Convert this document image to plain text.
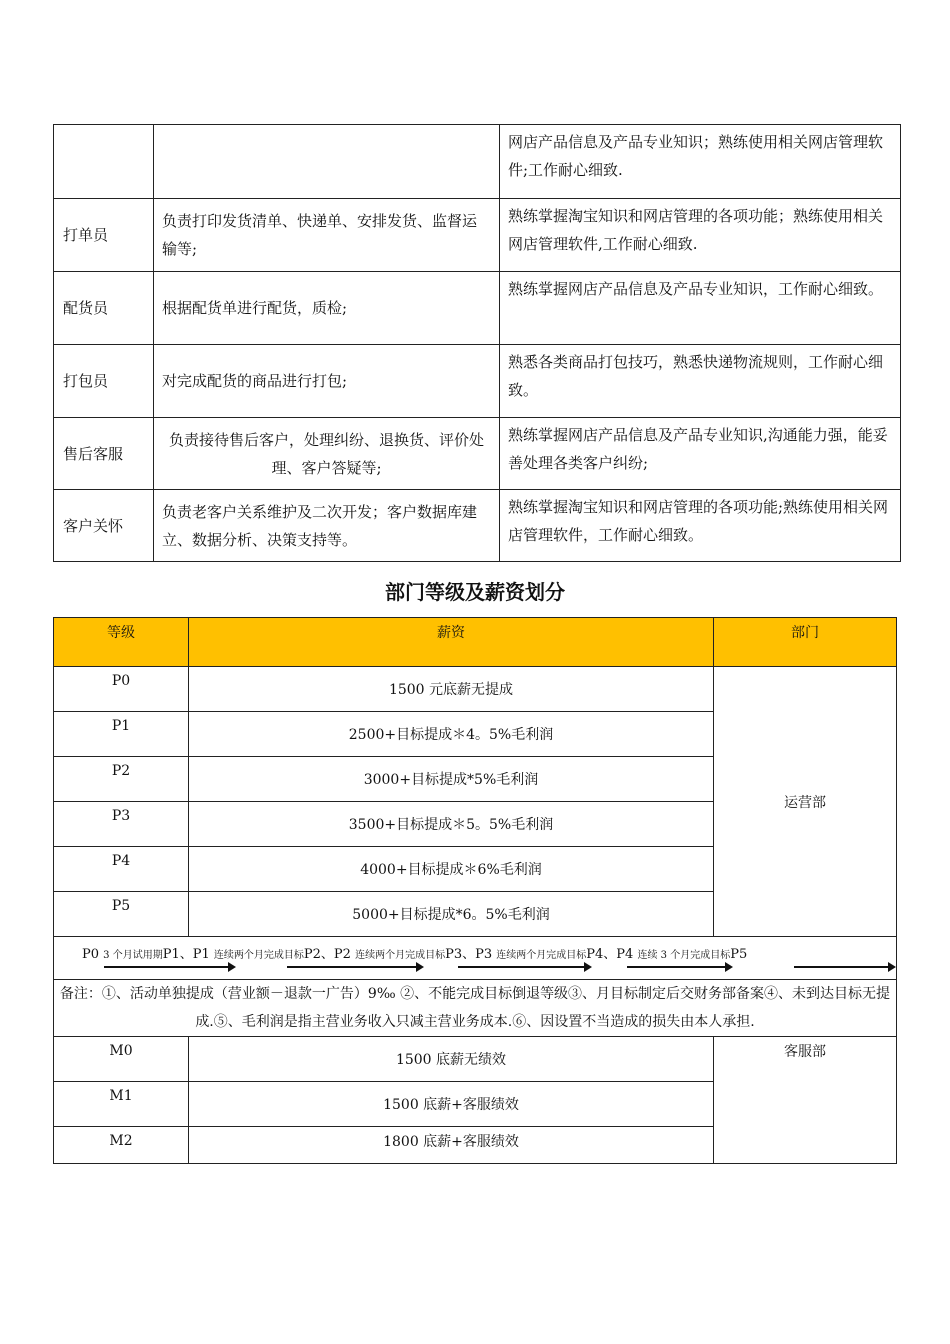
		网店产品信息及产品专业知识；熟练使用相关网店管理软件;工作耐心细致.
打单员	负责打印发货清单、快递单、安排发货、监督运输等;	熟练掌握淘宝知识和网店管理的各项功能；熟练使用相关网店管理软件,工作耐心细致.
配货员	根据配货单进行配货，质检;	熟练掌握网店产品信息及产品专业知识，工作耐心细致。
打包员	对完成配货的商品进行打包;	熟悉各类商品打包技巧，熟悉快递物流规则，工作耐心细致。
售后客服	负责接待售后客户，处理纠纷、退换货、评价处理、客户答疑等;	熟练掌握网店产品信息及产品专业知识,沟通能力强，能妥善处理各类客户纠纷;
客户关怀	负责老客户关系维护及二次开发；客户数据库建立、数据分析、决策支持等。	熟练掌握淘宝知识和网店管理的各项功能;熟练使用相关网店管理软件，工作耐心细致。
部门等级及薪资划分
等级	薪资	部门
P0	1500 元底薪无提成	运营部
P1	2500+目标提成＊4。5%毛利润	
P2	3000+目标提成*5%毛利润	
P3	3500+目标提成＊5。5%毛利润	
P4	4000+目标提成＊6%毛利润	
P5	5000+目标提成*6。5%毛利润	

P0 3 个月试用期P1、P1 连续两个月完成目标P2、P2 连续两个月完成目标P3、P3 连续两个月完成目标P4、P4 连续 3 个月完成目标P5		

备注：①、活动单独提成（营业额－退款一广告）9‰ ②、不能完成目标倒退等级③、月目标制定后交财务部备案④、未到达目标无提成.⑤、毛利润是指主营业务收入只减主营业务成本.⑥、因设置不当造成的损失由本人承担.		
M0	1500 底薪无绩效	客服部
M1	1500 底薪+客服绩效	
M2	1800 底薪+客服绩效	
